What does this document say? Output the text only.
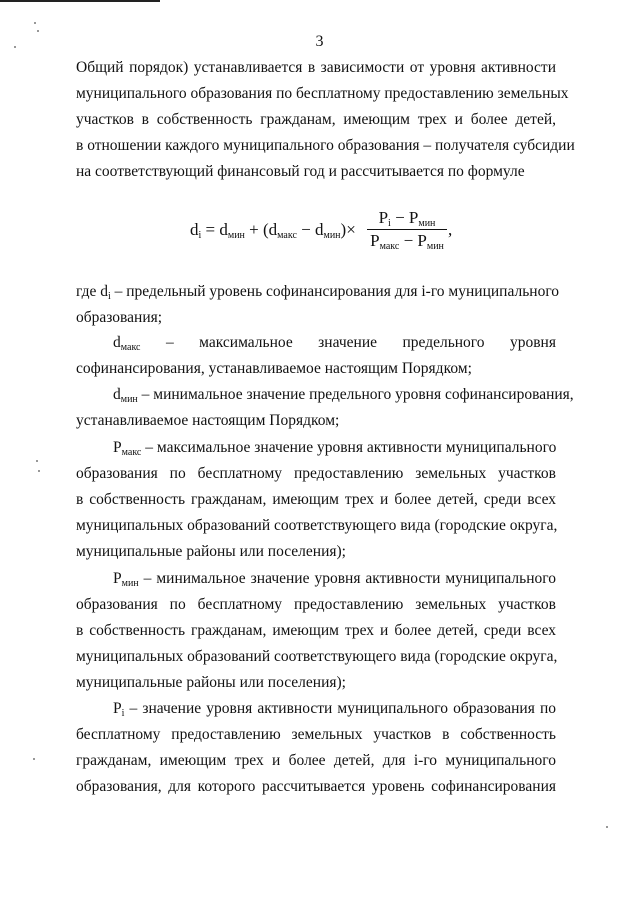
3
Общий порядок) устанавливается в зависимости от уровня активности
муниципального образования по бесплатному предоставлению земельных
участков в собственность гражданам, имеющим трех и более детей,
в отношении каждого муниципального образования – получателя субсидии
на соответствующий финансовый год и рассчитывается по формуле
$d_i = d_{мин} + (d_{макс} - d_{мин})\times$
$P_i - P_{мин}$
$P_{макс} - P_{мин}$
,
где $d_i$ – предельный уровень софинансирования для i-го муниципального
образования;
$d_{макс}$ – максимальное значение предельного уровня
софинансирования, устанавливаемое настоящим Порядком;
$d_{мин}$ – минимальное значение предельного уровня софинансирования,
устанавливаемое настоящим Порядком;
$P_{макс}$ – максимальное значение уровня активности муниципального
образования по бесплатному предоставлению земельных участков
в собственность гражданам, имеющим трех и более детей, среди всех
муниципальных образований соответствующего вида (городские округа,
муниципальные районы или поселения);
$P_{мин}$ – минимальное значение уровня активности муниципального
образования по бесплатному предоставлению земельных участков
в собственность гражданам, имеющим трех и более детей, среди всех
муниципальных образований соответствующего вида (городские округа,
муниципальные районы или поселения);
$P_i$ – значение уровня активности муниципального образования по
бесплатному предоставлению земельных участков в собственность
гражданам, имеющим трех и более детей, для i-го муниципального
образования, для которого рассчитывается уровень софинансирования
